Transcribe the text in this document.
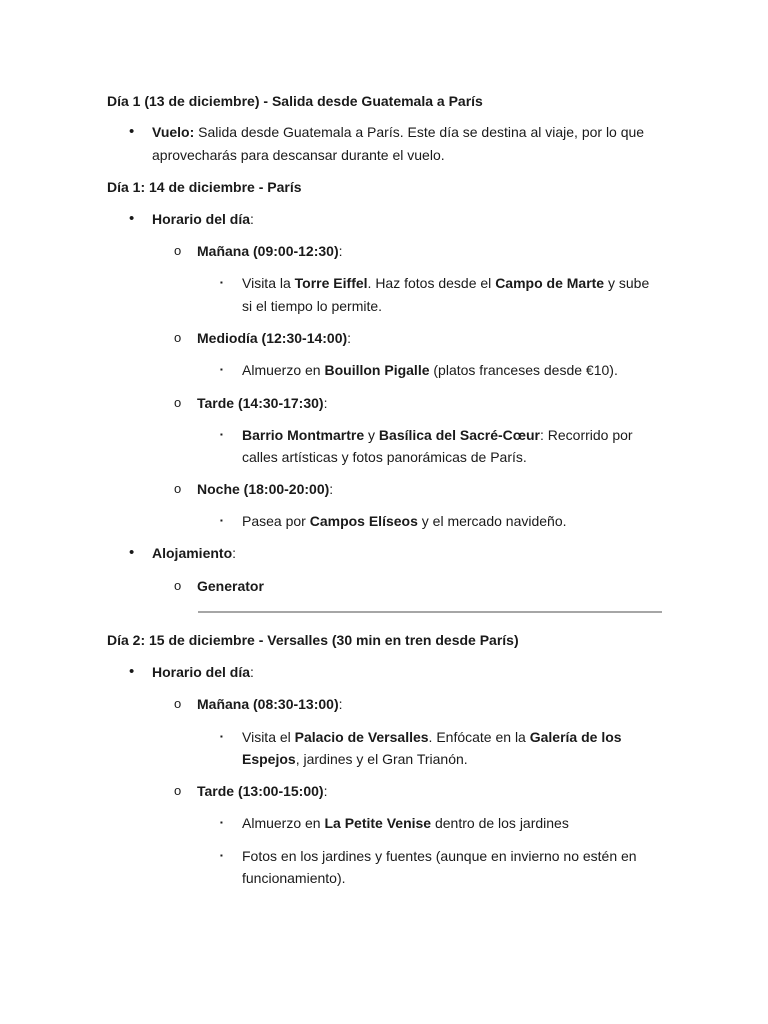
Día 1 (13 de diciembre) - Salida desde Guatemala a París
• Vuelo: Salida desde Guatemala a París. Este día se destina al viaje, por lo que
aprovecharás para descansar durante el vuelo.
Día 1: 14 de diciembre - París
• Horario del día:
o Mañana (09:00-12:30):
▪ Visita la Torre Eiffel. Haz fotos desde el Campo de Marte y sube
si el tiempo lo permite.
o Mediodía (12:30-14:00):
▪ Almuerzo en Bouillon Pigalle (platos franceses desde €10).
o Tarde (14:30-17:30):
▪ Barrio Montmartre y Basílica del Sacré-Cœur: Recorrido por
calles artísticas y fotos panorámicas de París.
o Noche (18:00-20:00):
▪ Pasea por Campos Elíseos y el mercado navideño.
• Alojamiento:
o Generator
Día 2: 15 de diciembre - Versalles (30 min en tren desde París)
• Horario del día:
o Mañana (08:30-13:00):
▪ Visita el Palacio de Versalles. Enfócate en la Galería de los
Espejos, jardines y el Gran Trianón.
o Tarde (13:00-15:00):
▪ Almuerzo en La Petite Venise dentro de los jardines
▪ Fotos en los jardines y fuentes (aunque en invierno no estén en
funcionamiento).
